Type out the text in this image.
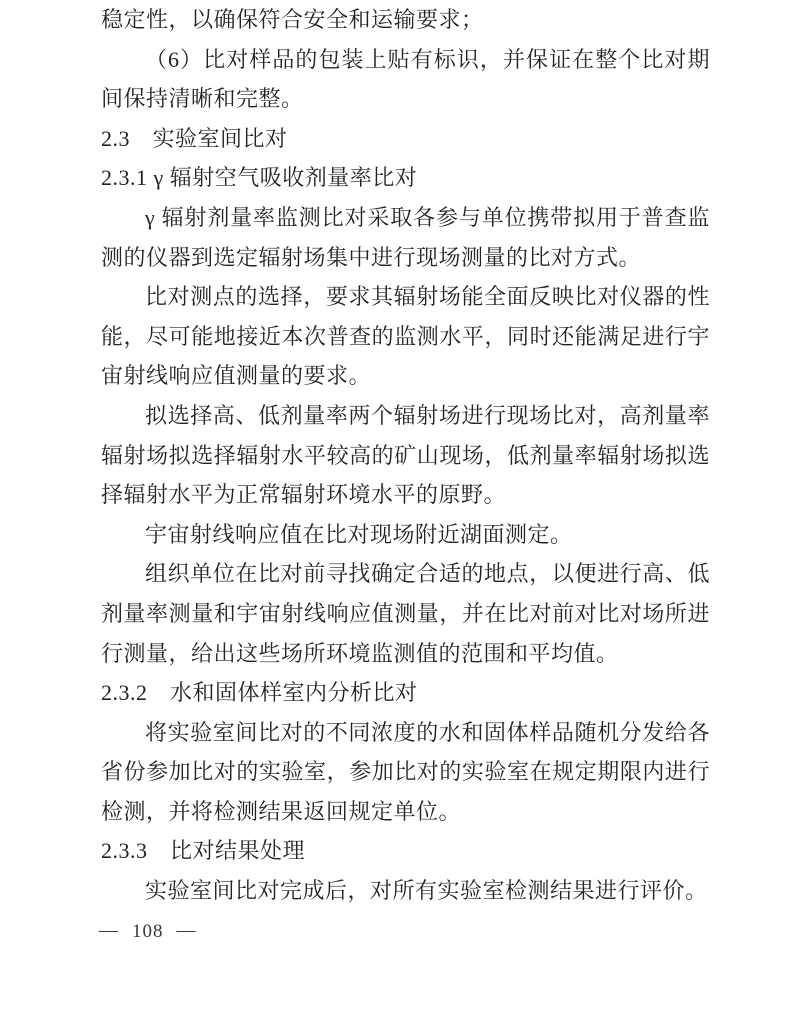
稳定性，以确保符合安全和运输要求；

（6）比对样品的包装上贴有标识，并保证在整个比对期间保持清晰和完整。

2.3　实验室间比对
2.3.1 γ 辐射空气吸收剂量率比对

γ 辐射剂量率监测比对采取各参与单位携带拟用于普查监测的仪器到选定辐射场集中进行现场测量的比对方式。

比对测点的选择，要求其辐射场能全面反映比对仪器的性能，尽可能地接近本次普查的监测水平，同时还能满足进行宇宙射线响应值测量的要求。

拟选择高、低剂量率两个辐射场进行现场比对，高剂量率辐射场拟选择辐射水平较高的矿山现场，低剂量率辐射场拟选择辐射水平为正常辐射环境水平的原野。

宇宙射线响应值在比对现场附近湖面测定。

组织单位在比对前寻找确定合适的地点，以便进行高、低剂量率测量和宇宙射线响应值测量，并在比对前对比对场所进行测量，给出这些场所环境监测值的范围和平均值。

2.3.2　水和固体样室内分析比对

将实验室间比对的不同浓度的水和固体样品随机分发给各省份参加比对的实验室，参加比对的实验室在规定期限内进行检测，并将检测结果返回规定单位。

2.3.3　比对结果处理

实验室间比对完成后，对所有实验室检测结果进行评价。

— 108 —
